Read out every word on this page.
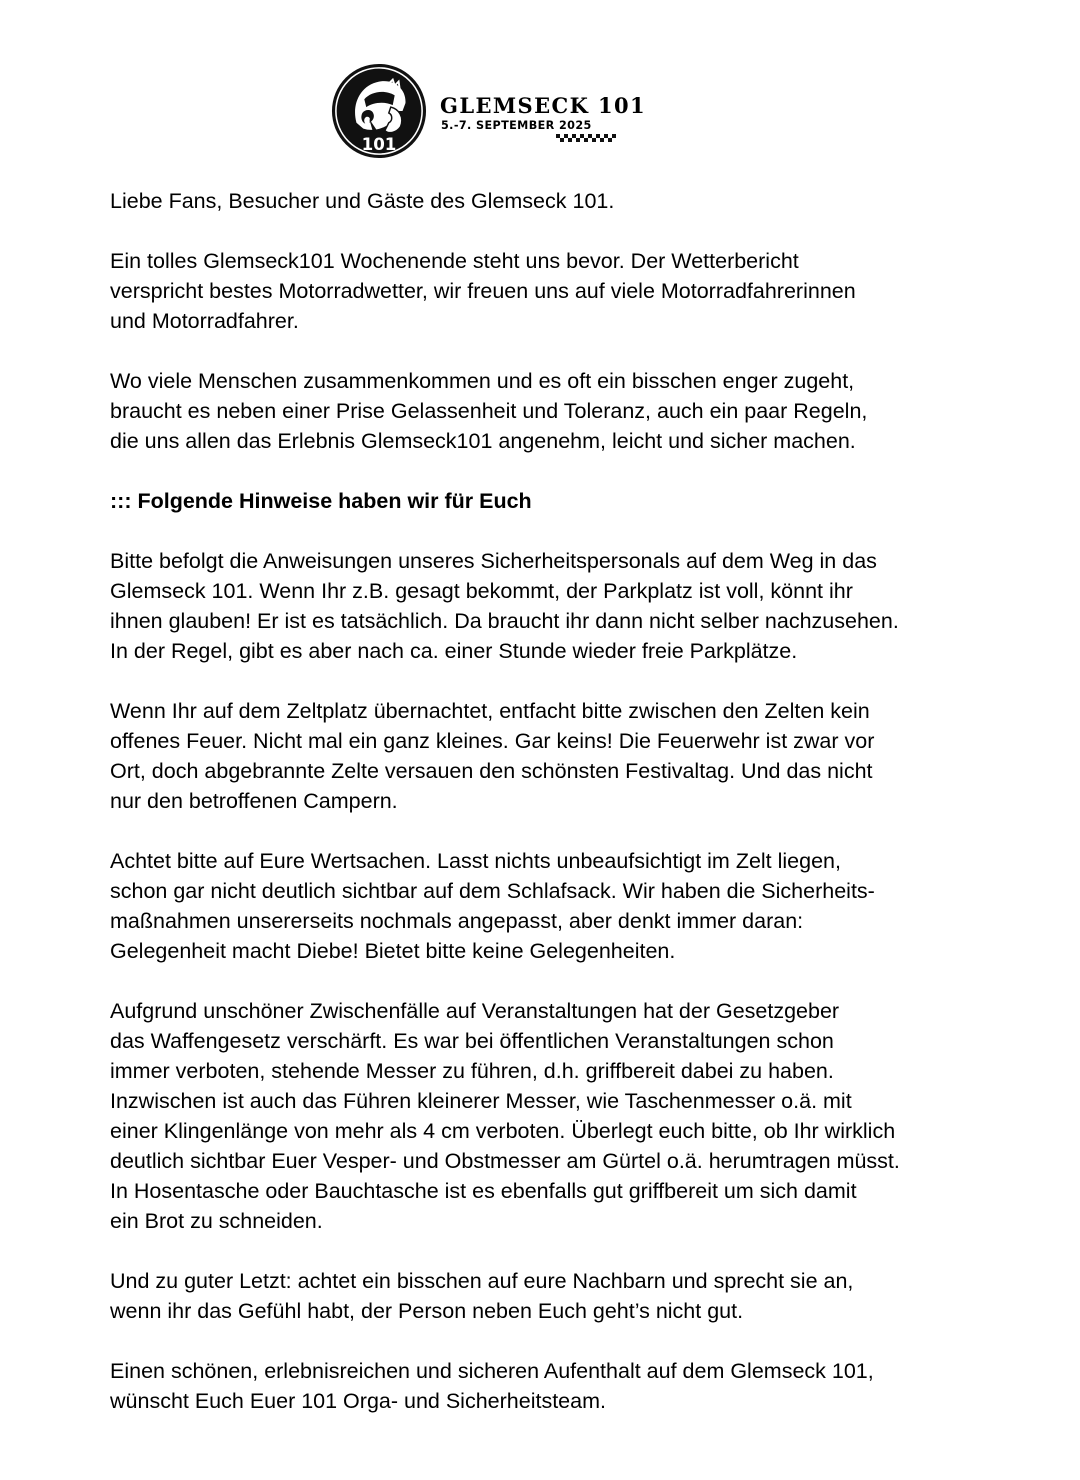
101
GLEMSECK 101
5.-7. SEPTEMBER 2025

Liebe Fans, Besucher und Gäste des Glemseck 101.

Ein tolles Glemseck101 Wochenende steht uns bevor. Der Wetterbericht
verspricht bestes Motorradwetter, wir freuen uns auf viele Motorradfahrerinnen
und Motorradfahrer.

Wo viele Menschen zusammenkommen und es oft ein bisschen enger zugeht,
braucht es neben einer Prise Gelassenheit und Toleranz, auch ein paar Regeln,
die uns allen das Erlebnis Glemseck101 angenehm, leicht und sicher machen.

::: Folgende Hinweise haben wir für Euch

Bitte befolgt die Anweisungen unseres Sicherheitspersonals auf dem Weg in das
Glemseck 101. Wenn Ihr z.B. gesagt bekommt, der Parkplatz ist voll, könnt ihr
ihnen glauben! Er ist es tatsächlich. Da braucht ihr dann nicht selber nachzusehen.
In der Regel, gibt es aber nach ca. einer Stunde wieder freie Parkplätze.

Wenn Ihr auf dem Zeltplatz übernachtet, entfacht bitte zwischen den Zelten kein
offenes Feuer. Nicht mal ein ganz kleines. Gar keins! Die Feuerwehr ist zwar vor
Ort, doch abgebrannte Zelte versauen den schönsten Festivaltag. Und das nicht
nur den betroffenen Campern.

Achtet bitte auf Eure Wertsachen. Lasst nichts unbeaufsichtigt im Zelt liegen,
schon gar nicht deutlich sichtbar auf dem Schlafsack. Wir haben die Sicherheits-
maßnahmen unsererseits nochmals angepasst, aber denkt immer daran:
Gelegenheit macht Diebe! Bietet bitte keine Gelegenheiten.

Aufgrund unschöner Zwischenfälle auf Veranstaltungen hat der Gesetzgeber
das Waffengesetz verschärft. Es war bei öffentlichen Veranstaltungen schon
immer verboten, stehende Messer zu führen, d.h. griffbereit dabei zu haben.
Inzwischen ist auch das Führen kleinerer Messer, wie Taschenmesser o.ä. mit
einer Klingenlänge von mehr als 4 cm verboten. Überlegt euch bitte, ob Ihr wirklich
deutlich sichtbar Euer Vesper- und Obstmesser am Gürtel o.ä. herumtragen müsst.
In Hosentasche oder Bauchtasche ist es ebenfalls gut griffbereit um sich damit
ein Brot zu schneiden.

Und zu guter Letzt: achtet ein bisschen auf eure Nachbarn und sprecht sie an,
wenn ihr das Gefühl habt, der Person neben Euch geht’s nicht gut.

Einen schönen, erlebnisreichen und sicheren Aufenthalt auf dem Glemseck 101,
wünscht Euch Euer 101 Orga- und Sicherheitsteam.
